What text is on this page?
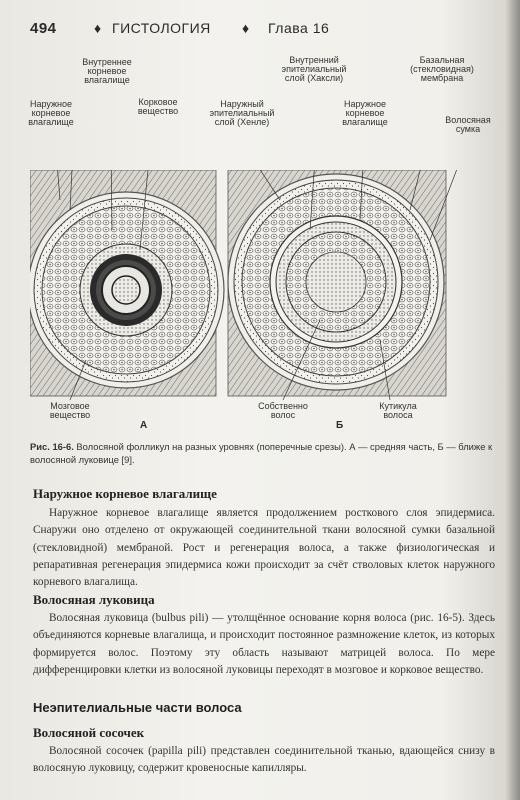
494	♦ ГИСТОЛОГИЯ ♦ Глава 16
Внутреннее
корневое
влагалище
Наружное
корневое
влагалище
Корковое
вещество
Внутренний
эпителиальный
слой (Хаксли)
Наружный
эпителиальный
слой (Хенле)
Наружное
корневое
влагалище
Базальная
(стекловидная)
мембрана
Волосяная
сумка
Мозговое
вещество
А
Собственно
волос
Б
Кутикула
волоса
Рис. 16-6. Волосяной фолликул на разных уровнях (поперечные срезы). А — средняя часть, Б — ближе к волосяной луковице [9].
Наружное корневое влагалище

Наружное корневое влагалище является продолжением росткового слоя эпидермиса. Снаружи оно отделено от окружающей соединительной ткани волосяной сумки базальной (стекловидной) мембраной. Рост и регенерация волоса, а также физиологическая и репаративная регенерация эпидермиса кожи происходит за счёт стволовых клеток наружного корневого влагалища.

Волосяная луковица

Волосяная луковица (bulbus pili) — утолщённое основание корня волоса (рис. 16-5). Здесь объединяются корневые влагалища, и происходит постоянное размножение клеток, из которых формируется волос. Поэтому эту область называют матрицей волоса. По мере дифференцировки клетки из волосяной луковицы переходят в мозговое и корковое вещество.

Неэпителиальные части волоса
Волосяной сосочек

Волосяной сосочек (papilla pili) представлен соединительной тканью, вдающейся снизу в волосяную луковицу, содержит кровеносные капилляры.
